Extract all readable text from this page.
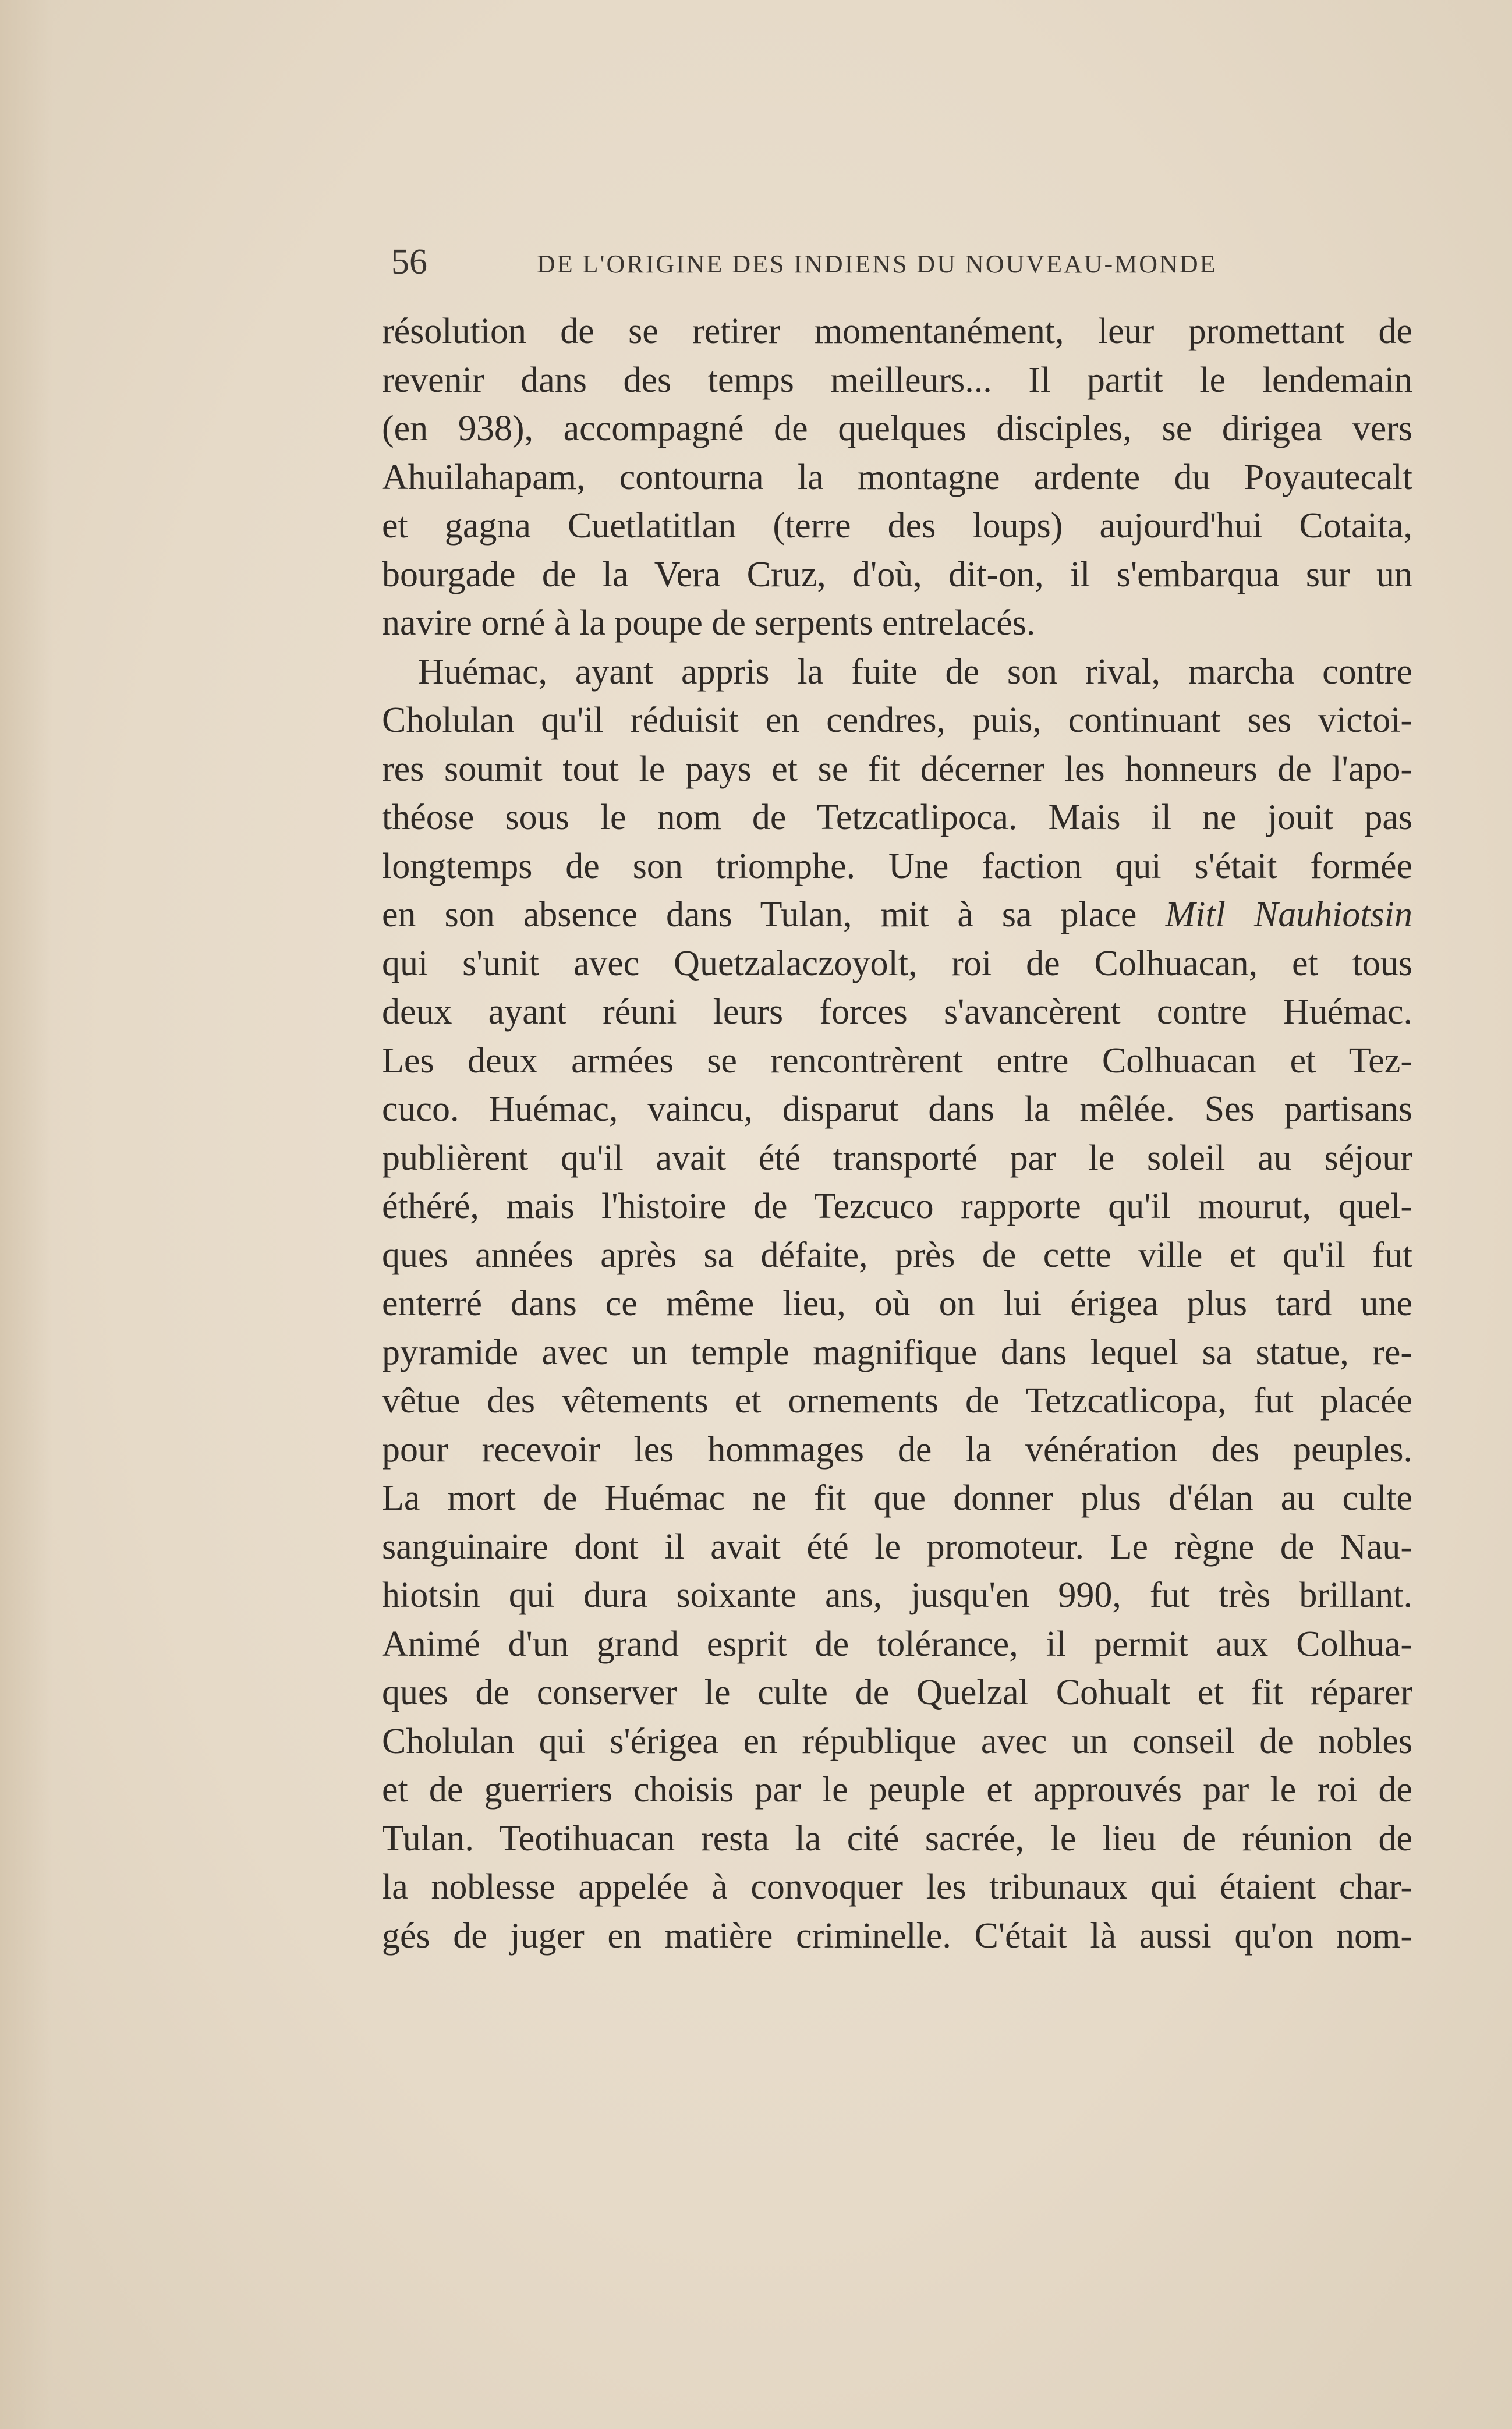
56	DE L'ORIGINE DES INDIENS DU NOUVEAU-MONDE
résolution de se retirer momentanément, leur promettant de
revenir dans des temps meilleurs... Il partit le lendemain
(en 938), accompagné de quelques disciples, se dirigea vers
Ahuilahapam, contourna la montagne ardente du Poyautecalt
et gagna Cuetlatitlan (terre des loups) aujourd'hui Cotaita,
bourgade de la Vera Cruz, d'où, dit-on, il s'embarqua sur un
navire orné à la poupe de serpents entrelacés.
Huémac, ayant appris la fuite de son rival, marcha contre
Cholulan qu'il réduisit en cendres, puis, continuant ses victoi-
res soumit tout le pays et se fit décerner les honneurs de l'apo-
théose sous le nom de Tetzcatlipoca. Mais il ne jouit pas
longtemps de son triomphe. Une faction qui s'était formée
en son absence dans Tulan, mit à sa place Mitl Nauhiotsin
qui s'unit avec Quetzalaczoyolt, roi de Colhuacan, et tous
deux ayant réuni leurs forces s'avancèrent contre Huémac.
Les deux armées se rencontrèrent entre Colhuacan et Tez-
cuco. Huémac, vaincu, disparut dans la mêlée. Ses partisans
publièrent qu'il avait été transporté par le soleil au séjour
éthéré, mais l'histoire de Tezcuco rapporte qu'il mourut, quel-
ques années après sa défaite, près de cette ville et qu'il fut
enterré dans ce même lieu, où on lui érigea plus tard une
pyramide avec un temple magnifique dans lequel sa statue, re-
vêtue des vêtements et ornements de Tetzcatlicopa, fut placée
pour recevoir les hommages de la vénération des peuples.
La mort de Huémac ne fit que donner plus d'élan au culte
sanguinaire dont il avait été le promoteur. Le règne de Nau-
hiotsin qui dura soixante ans, jusqu'en 990, fut très brillant.
Animé d'un grand esprit de tolérance, il permit aux Colhua-
ques de conserver le culte de Quelzal Cohualt et fit réparer
Cholulan qui s'érigea en république avec un conseil de nobles
et de guerriers choisis par le peuple et approuvés par le roi de
Tulan. Teotihuacan resta la cité sacrée, le lieu de réunion de
la noblesse appelée à convoquer les tribunaux qui étaient char-
gés de juger en matière criminelle. C'était là aussi qu'on nom-
